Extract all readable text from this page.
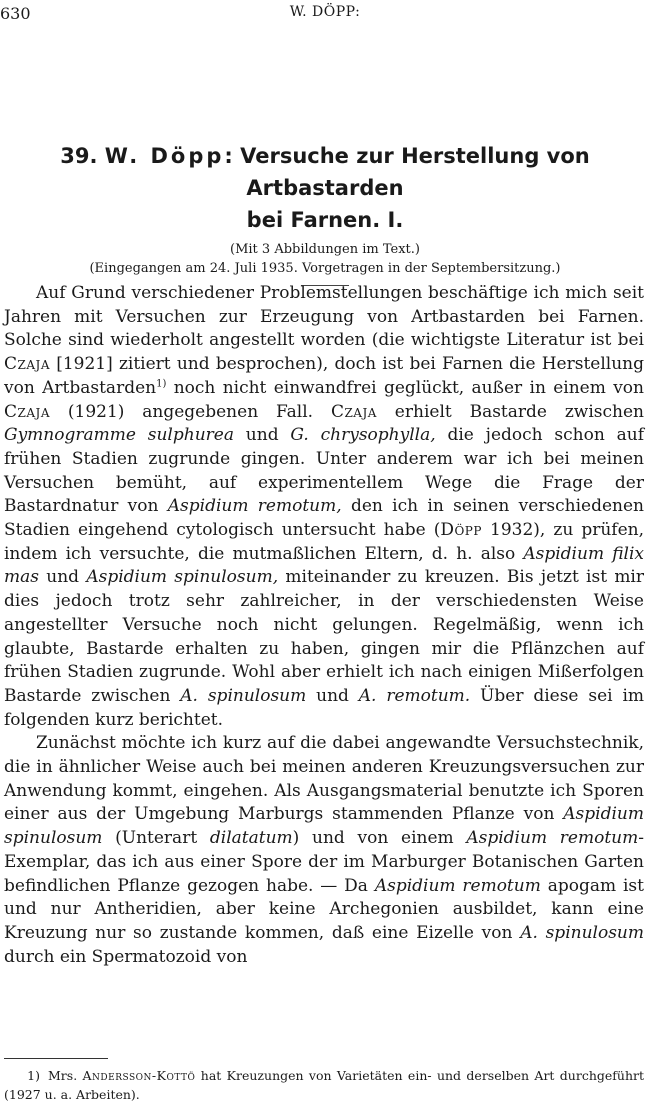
630	W. DÖPP:
39. W. Döpp: Versuche zur Herstellung von Artbastarden
bei Farnen. I.
(Mit 3 Abbildungen im Text.)
(Eingegangen am 24. Juli 1935. Vorgetragen in der Septembersitzung.)

Auf Grund verschiedener Problemstellungen beschäftige ich mich seit Jahren mit Versuchen zur Erzeugung von Artbastarden bei Farnen. Solche sind wiederholt angestellt worden (die wichtigste Literatur ist bei Czaja [1921] zitiert und besprochen), doch ist bei Farnen die Herstellung von Artbastarden$^{1)}$ noch nicht einwandfrei geglückt, außer in einem von Czaja (1921) angegebenen Fall. Czaja erhielt Bastarde zwischen Gymnogramme sulphurea und G. chrysophylla, die jedoch schon auf frühen Stadien zugrunde gingen. Unter anderem war ich bei meinen Versuchen bemüht, auf experimentellem Wege die Frage der Bastardnatur von Aspidium remotum, den ich in seinen verschiedenen Stadien eingehend cytologisch untersucht habe (Döpp 1932), zu prüfen, indem ich versuchte, die mutmaßlichen Eltern, d. h. also Aspidium filix mas und Aspidium spinulosum, miteinander zu kreuzen. Bis jetzt ist mir dies jedoch trotz sehr zahlreicher, in der verschiedensten Weise angestellter Versuche noch nicht gelungen. Regelmäßig, wenn ich glaubte, Bastarde erhalten zu haben, gingen mir die Pflänzchen auf frühen Stadien zugrunde. Wohl aber erhielt ich nach einigen Mißerfolgen Bastarde zwischen A. spinulosum und A. remotum. Über diese sei im folgenden kurz berichtet.

Zunächst möchte ich kurz auf die dabei angewandte Versuchstechnik, die in ähnlicher Weise auch bei meinen anderen Kreuzungsversuchen zur Anwendung kommt, eingehen. Als Ausgangsmaterial benutzte ich Sporen einer aus der Umgebung Marburgs stammenden Pflanze von Aspidium spinulosum (Unterart dilatatum) und von einem Aspidium remotum-Exemplar, das ich aus einer Spore der im Marburger Botanischen Garten befindlichen Pflanze gezogen habe. — Da Aspidium remotum apogam ist und nur Antheridien, aber keine Archegonien ausbildet, kann eine Kreuzung nur so zustande kommen, daß eine Eizelle von A. spinulosum durch ein Spermatozoid von

1) Mrs. Andersson-Kottö hat Kreuzungen von Varietäten ein- und derselben Art durchgeführt (1927 u. a. Arbeiten).
